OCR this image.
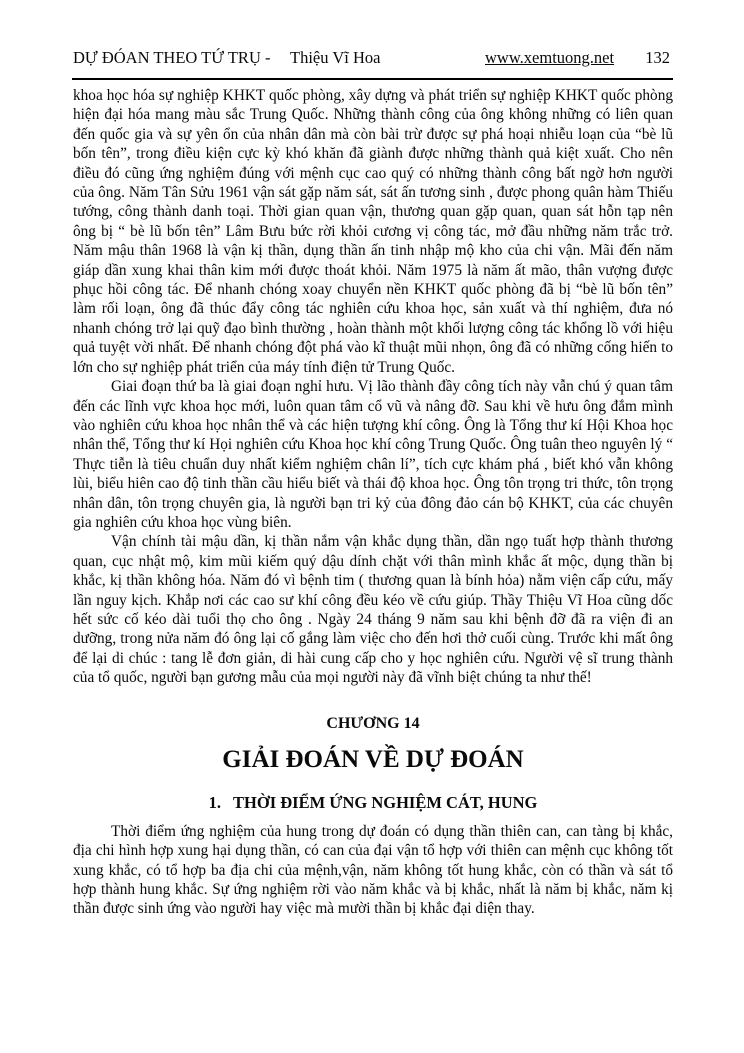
DỰ ĐÓAN THEO TỨ TRỤ - Thiệu Vĩ Hoa	www.xemtuong.net 132

khoa học hóa sự nghiệp KHKT quốc phòng, xây dựng và phát triển sự nghiệp KHKT quốc phòng hiện đại hóa mang màu sắc Trung Quốc. Những thành công của ông không những có liên quan đến quốc gia và sự yên ổn của nhân dân mà còn bài trừ được sự phá hoại nhiễu loạn của “bè lũ bốn tên”, trong điều kiện cực kỳ khó khăn đã giành được những thành quả kiệt xuất. Cho nên điều đó cũng ứng nghiệm đúng với mệnh cục cao quý có những thành công bất ngờ hơn người của ông. Năm Tân Sửu 1961 vận sát gặp năm sát, sát ấn tương sinh , được phong quân hàm Thiếu tướng, công thành danh toại. Thời gian quan vận, thương quan gặp quan, quan sát hỗn tạp nên ông bị “ bè lũ bốn tên” Lâm Bưu bức rời khỏi cương vị công tác, mở đầu những năm trắc trở. Năm mậu thân 1968 là vận kị thần, dụng thần ấn tinh nhập mộ kho của chi vận. Mãi đến năm giáp dần xung khai thân kim mới được thoát khỏi. Năm 1975 là năm ất mão, thân vượng được phục hồi công tác. Để nhanh chóng xoay chuyển nền KHKT quốc phòng đã bị “bè lũ bốn tên” làm rối loạn, ông đã thúc đẩy công tác nghiên cứu khoa học, sản xuất và thí nghiệm, đưa nó nhanh chóng trở lại quỹ đạo bình thường , hoàn thành một khối lượng công tác khổng lồ với hiệu quả tuyệt vời nhất. Để nhanh chóng đột phá vào kĩ thuật mũi nhọn, ông đã có những cống hiến to lớn cho sự nghiệp phát triển của máy tính điện tử Trung Quốc.

Giai đoạn thứ ba là giai đoạn nghỉ hưu. Vị lão thành đầy công tích này vẫn chú ý quan tâm đến các lĩnh vực khoa học mới, luôn quan tâm cổ vũ và nâng đỡ. Sau khi về hưu ông đắm mình vào nghiên cứu khoa học nhân thể và các hiện tượng khí công. Ông là Tổng thư kí Hội Khoa học nhân thể, Tổng thư kí Họi nghiên cứu Khoa học khí công Trung Quốc. Ông tuân theo nguyên lý “ Thực tiễn là tiêu chuẩn duy nhất kiểm nghiệm chân lí”, tích cực khám phá , biết khó vẫn không lùi, biểu hiên cao độ tinh thần cầu hiểu biết và thái độ khoa học. Ông tôn trọng tri thức, tôn trọng nhân dân, tôn trọng chuyên gia, là người bạn tri kỷ của đông đảo cán bộ KHKT, của các chuyên gia nghiên cứu khoa học vùng biên.

Vận chính tài mậu dần, kị thần nắm vận khắc dụng thần, dần ngọ tuất hợp thành thương quan, cục nhật mộ, kim mũi kiếm quý dậu dính chặt với thân mình khắc ất mộc, dụng thần bị khắc, kị thần không hóa. Năm đó vì bệnh tim ( thương quan là bính hỏa) nằm viện cấp cứu, mấy lần nguy kịch. Khắp nơi các cao sư khí công đều kéo về cứu giúp. Thầy Thiệu Vĩ Hoa cũng dốc hết sức cố kéo dài tuổi thọ cho ông . Ngày 24 tháng 9 năm sau khi bệnh đỡ đã ra viện đi an dưỡng, trong nửa năm đó ông lại cố gắng làm việc cho đến hơi thở cuối cùng. Trước khi mất ông để lại di chúc : tang lễ đơn giản, di hài cung cấp cho y học nghiên cứu. Người vệ sĩ trung thành của tổ quốc, người bạn gương mẫu của mọi người này đã vĩnh biệt chúng ta như thế!

CHƯƠNG 14
GIẢI ĐOÁN VỀ DỰ ĐOÁN
1.   THỜI ĐIỂM ỨNG NGHIỆM CÁT, HUNG

Thời điểm ứng nghiệm của hung trong dự đoán có dụng thần thiên can, can tàng bị khắc, địa chi hình hợp xung hại dụng thần, có can của đại vận tổ hợp với thiên can mệnh cục không tốt xung khắc, có tổ hợp ba địa chi của mệnh,vận, năm không tốt hung khắc, còn có thần và sát tổ hợp thành hung khắc. Sự ứng nghiệm rời vào năm khắc và bị khắc, nhất là năm bị khắc, năm kị thần được sinh ứng vào người hay việc mà mười thần bị khắc đại diện thay.
